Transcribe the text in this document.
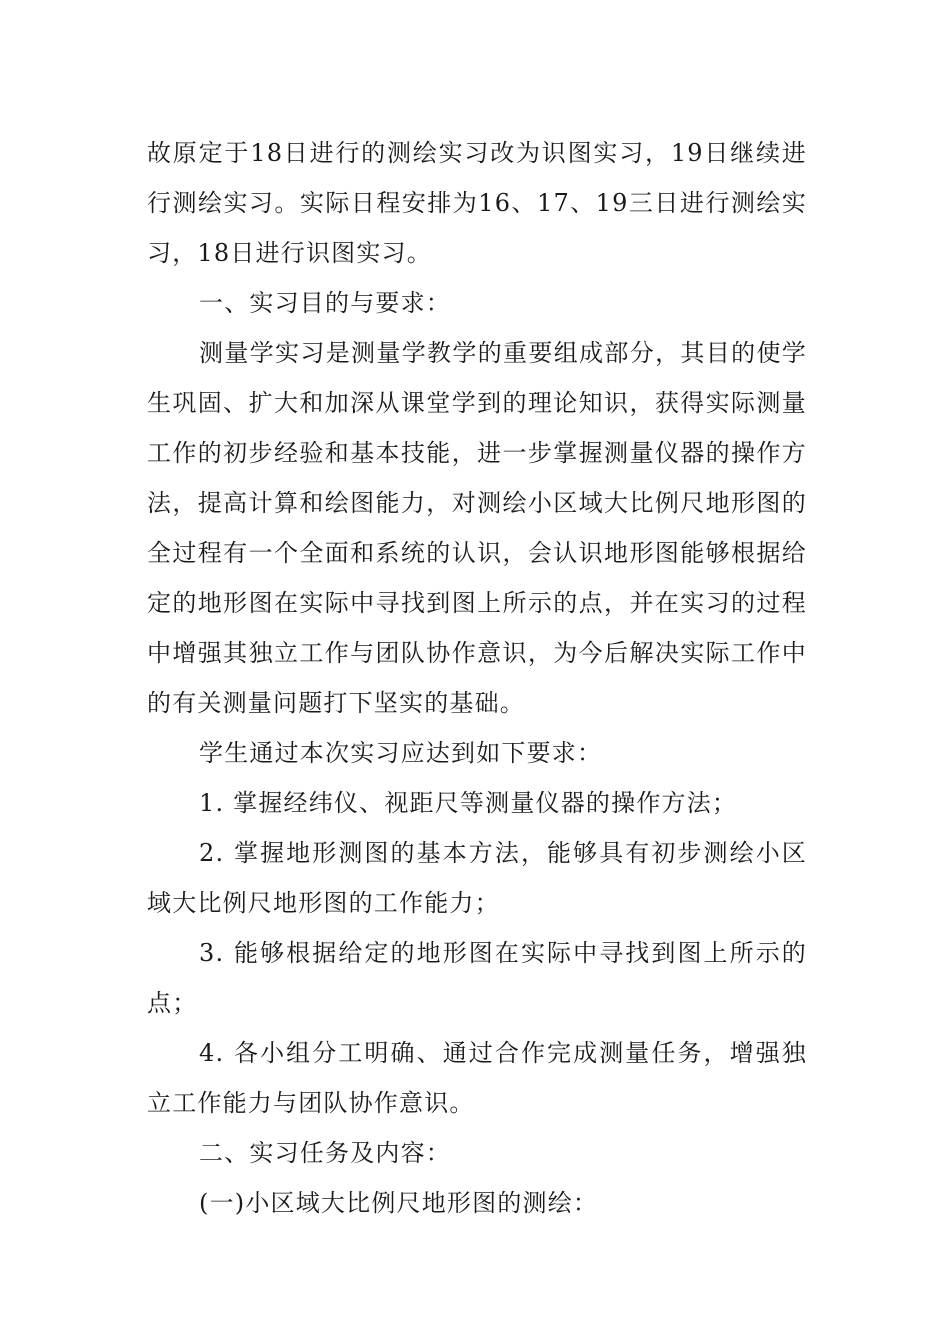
故原定于18日进行的测绘实习改为识图实习，19日继续进行测绘实习。实际日程安排为16、17、19三日进行测绘实习，18日进行识图实习。

一、实习目的与要求：

测量学实习是测量学教学的重要组成部分，其目的使学生巩固、扩大和加深从课堂学到的理论知识，获得实际测量工作的初步经验和基本技能，进一步掌握测量仪器的操作方法，提高计算和绘图能力，对测绘小区域大比例尺地形图的全过程有一个全面和系统的认识，会认识地形图能够根据给定的地形图在实际中寻找到图上所示的点，并在实习的过程中增强其独立工作与团队协作意识，为今后解决实际工作中的有关测量问题打下坚实的基础。

学生通过本次实习应达到如下要求：

1. 掌握经纬仪、视距尺等测量仪器的操作方法；

2. 掌握地形测图的基本方法，能够具有初步测绘小区域大比例尺地形图的工作能力；

3. 能够根据给定的地形图在实际中寻找到图上所示的点；

4. 各小组分工明确、通过合作完成测量任务，增强独立工作能力与团队协作意识。

二、实习任务及内容：

(一)小区域大比例尺地形图的测绘：
